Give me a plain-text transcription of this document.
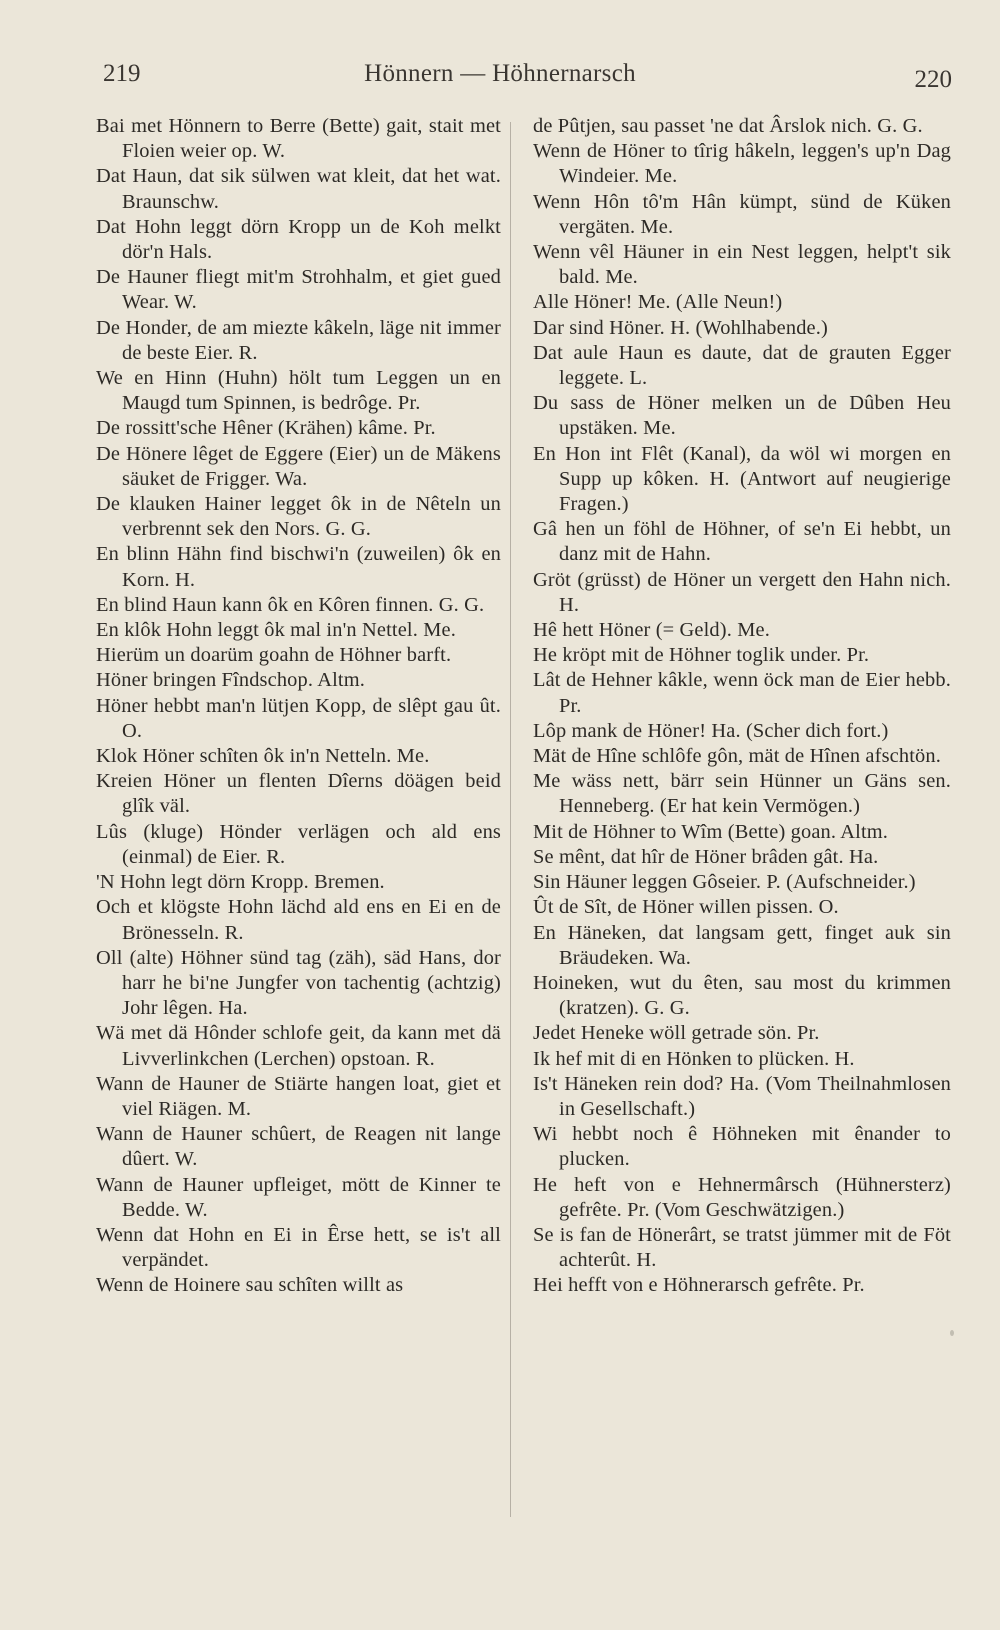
219	Hönnern — Höhnernarsch	220

Bai met Hönnern to Berre (Bette) gait, stait met Floien weier op. W.

Dat Haun, dat sik sülwen wat kleit, dat het wat. Braunschw.

Dat Hohn leggt dörn Kropp un de Koh melkt dör'n Hals.

De Hauner fliegt mit'm Strohhalm, et giet gued Wear. W.

De Honder, de am miezte kâkeln, läge nit immer de beste Eier. R.

We en Hinn (Huhn) hölt tum Leggen un en Maugd tum Spinnen, is bedrôge. Pr.

De rossitt'sche Hêner (Krähen) kâme. Pr.

De Hönere lêget de Eggere (Eier) un de Mäkens säuket de Frigger. Wa.

De klauken Hainer legget ôk in de Nêteln un verbrennt sek den Nors. G. G.

En blinn Hähn find bischwi'n (zuweilen) ôk en Korn. H.

En blind Haun kann ôk en Kôren finnen. G. G.

En klôk Hohn leggt ôk mal in'n Nettel. Me.

Hierüm un doarüm goahn de Höhner barft.

Höner bringen Fîndschop. Altm.

Höner hebbt man'n lütjen Kopp, de slêpt gau ût. O.

Klok Höner schîten ôk in'n Netteln. Me.

Kreien Höner un flenten Dîerns döägen beid glîk väl.

Lûs (kluge) Hönder verlägen och ald ens (einmal) de Eier. R.

'N Hohn legt dörn Kropp. Bremen.

Och et klögste Hohn lächd ald ens en Ei en de Brönesseln. R.

Oll (alte) Höhner sünd tag (zäh), säd Hans, dor harr he bi'ne Jungfer von tachentig (achtzig) Johr lêgen. Ha.

Wä met dä Hônder schlofe geit, da kann met dä Livverlinkchen (Lerchen) opstoan. R.

Wann de Hauner de Stiärte hangen loat, giet et viel Riägen. M.

Wann de Hauner schûert, de Reagen nit lange dûert. W.

Wann de Hauner upfleiget, mött de Kinner te Bedde. W.

Wenn dat Hohn en Ei in Êrse hett, se is't all verpändet.

Wenn de Hoinere sau schîten willt as

de Pûtjen, sau passet 'ne dat Ârslok nich. G. G.

Wenn de Höner to tîrig hâkeln, leggen's up'n Dag Windeier. Me.

Wenn Hôn tô'm Hân kümpt, sünd de Küken vergäten. Me.

Wenn vêl Häuner in ein Nest leggen, helpt't sik bald. Me.

Alle Höner! Me. (Alle Neun!)

Dar sind Höner. H. (Wohlhabende.)

Dat aule Haun es daute, dat de grauten Egger leggete. L.

Du sass de Höner melken un de Dûben Heu upstäken. Me.

En Hon int Flêt (Kanal), da wöl wi morgen en Supp up kôken. H. (Antwort auf neugierige Fragen.)

Gâ hen un föhl de Höhner, of se'n Ei hebbt, un danz mit de Hahn.

Gröt (grüsst) de Höner un vergett den Hahn nich. H.

Hê hett Höner (= Geld). Me.

He kröpt mit de Höhner toglik under. Pr.

Lât de Hehner kâkle, wenn öck man de Eier hebb. Pr.

Lôp mank de Höner! Ha. (Scher dich fort.)

Mät de Hîne schlôfe gôn, mät de Hînen afschtön.

Me wäss nett, bärr sein Hünner un Gäns sen. Henneberg. (Er hat kein Vermögen.)

Mit de Höhner to Wîm (Bette) goan. Altm.

Se mênt, dat hîr de Höner brâden gât. Ha.

Sin Häuner leggen Gôseier. P. (Aufschneider.)

Ût de Sît, de Höner willen pissen. O.

En Häneken, dat langsam gett, finget auk sin Bräudeken. Wa.

Hoineken, wut du êten, sau most du krimmen (kratzen). G. G.

Jedet Heneke wöll getrade sön. Pr.

Ik hef mit di en Hönken to plücken. H.

Is't Häneken rein dod? Ha. (Vom Theilnahmlosen in Gesellschaft.)

Wi hebbt noch ê Höhneken mit ênander to plucken.

He heft von e Hehnermârsch (Hühnersterz) gefrête. Pr. (Vom Geschwätzigen.)

Se is fan de Hönerârt, se tratst jümmer mit de Föt achterût. H.

Hei hefft von e Höhnerarsch gefrête. Pr.
